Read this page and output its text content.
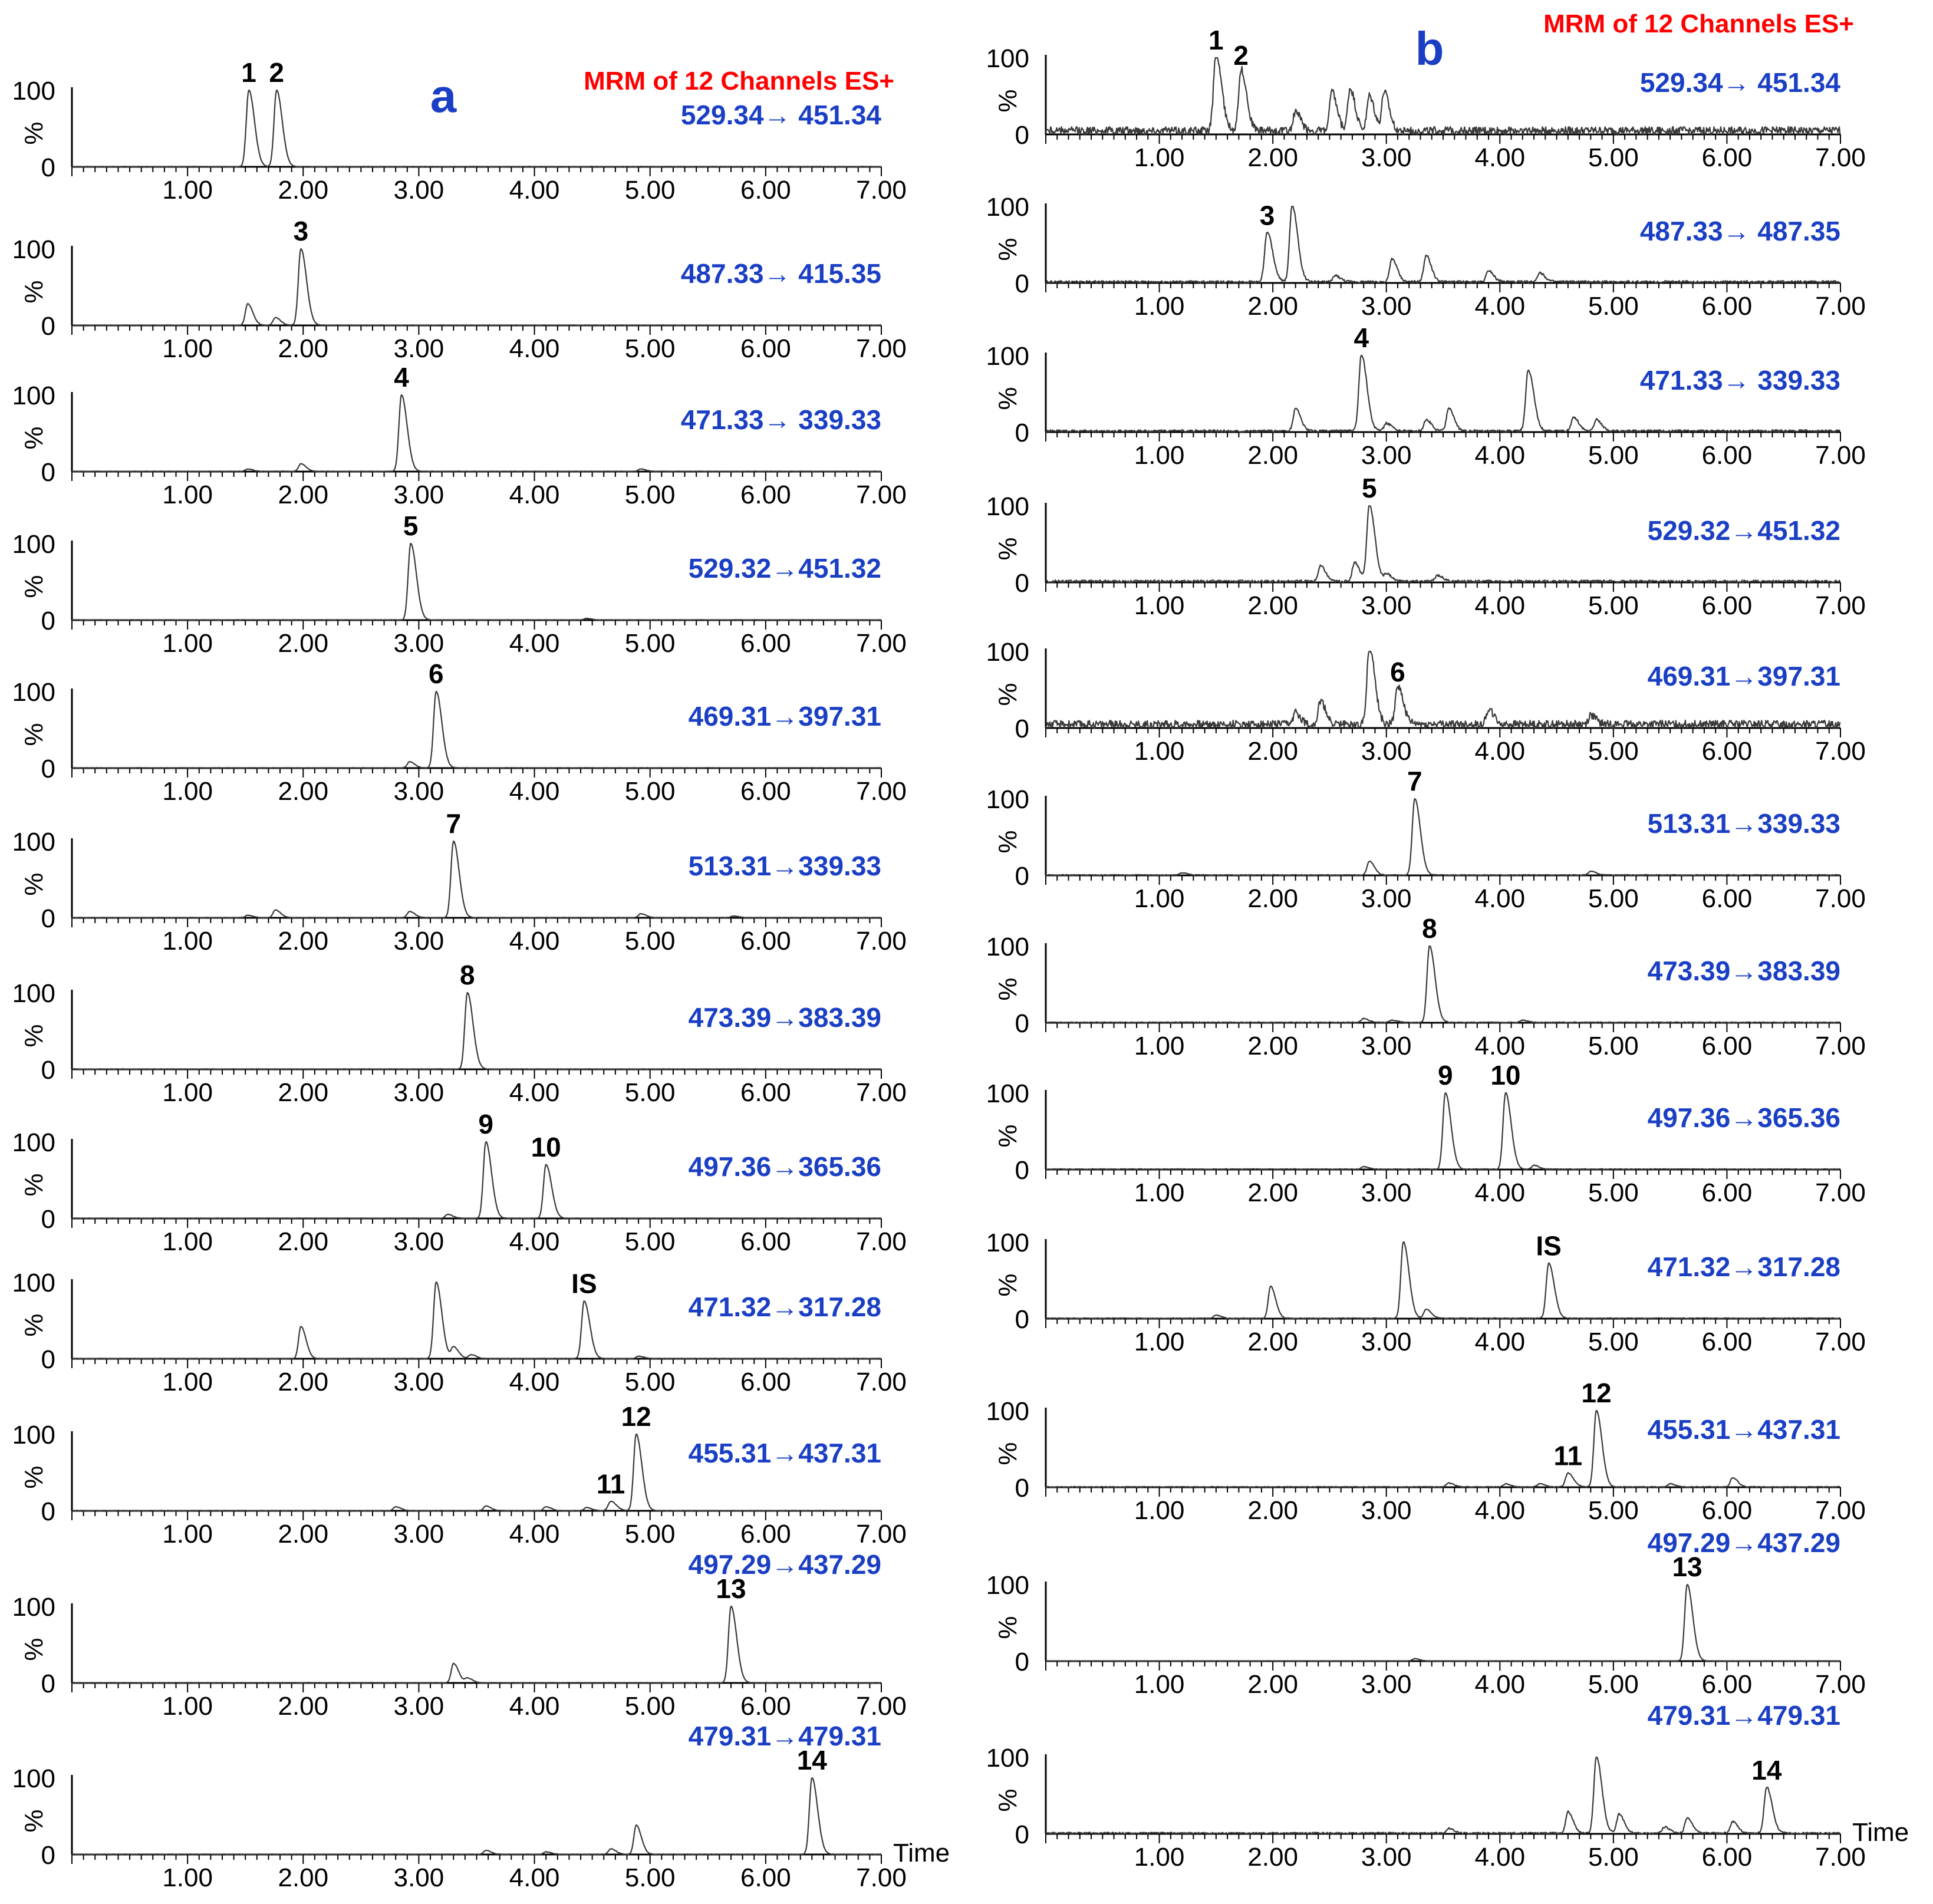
a	MRM of 12 Channels ES+
100
0
%
1.00	2.00	3.00	4.00	5.00	6.00	7.00
1 2
529.34→ 451.34
100
0
%
1.00	2.00	3.00	4.00	5.00	6.00	7.00
3
487.33→ 415.35
100
0
%
1.00	2.00	3.00	4.00	5.00	6.00	7.00
4
471.33→ 339.33
100
0
%
1.00	2.00	3.00	4.00	5.00	6.00	7.00
5
529.32→451.32
100
0
%
1.00	2.00	3.00	4.00	5.00	6.00	7.00
6
469.31→397.31
100
0
%
1.00	2.00	3.00	4.00	5.00	6.00	7.00
7
513.31→339.33
100
0
%
1.00	2.00	3.00	4.00	5.00	6.00	7.00
8
473.39→383.39
100
0
%
1.00	2.00	3.00	4.00	5.00	6.00	7.00
9
10
497.36→365.36
100
0
%
1.00	2.00	3.00	4.00	5.00	6.00	7.00
IS
471.32→317.28
100
0
%
1.00	2.00	3.00	4.00	5.00	6.00	7.00
11
12
455.31→437.31
100
0
%
1.00	2.00	3.00	4.00	5.00	6.00	7.00
13
497.29→437.29
100
0
%
1.00	2.00	3.00	4.00	5.00	6.00	7.00
14
479.31→479.31
Time
b	MRM of 12 Channels ES+
100
0
%
1.00 2.00 3.00 4.00 5.00 6.00 7.00
1 2
529.34→ 451.34
100
0
%
1.00 2.00 3.00 4.00 5.00 6.00 7.00
3
487.33→ 487.35
100
0
%
1.00 2.00 3.00 4.00 5.00 6.00 7.00
4
471.33→ 339.33
100
0
%
1.00 2.00 3.00 4.00 5.00 6.00 7.00
5
529.32→451.32
100
0
%
1.00 2.00 3.00 4.00 5.00 6.00 7.00
6	469.31→397.31
100
0
%
1.00 2.00 3.00 4.00 5.00 6.00 7.00
7
513.31→339.33
100
0
%
1.00 2.00 3.00 4.00 5.00 6.00 7.00
8
473.39→383.39
100
0
%
1.00 2.00 3.00 4.00 5.00 6.00 7.00
9 10
497.36→365.36
100
0
%
1.00 2.00 3.00 4.00 5.00 6.00 7.00
IS
471.32→317.28
100
0
%
1.00 2.00 3.00 4.00 5.00 6.00 7.00
11
12
455.31→437.31
100
0
%
1.00 2.00 3.00 4.00 5.00 6.00 7.00
13
497.29→437.29
100
0
%
1.00 2.00 3.00 4.00 5.00 6.00 7.00
14
479.31→479.31
Time
